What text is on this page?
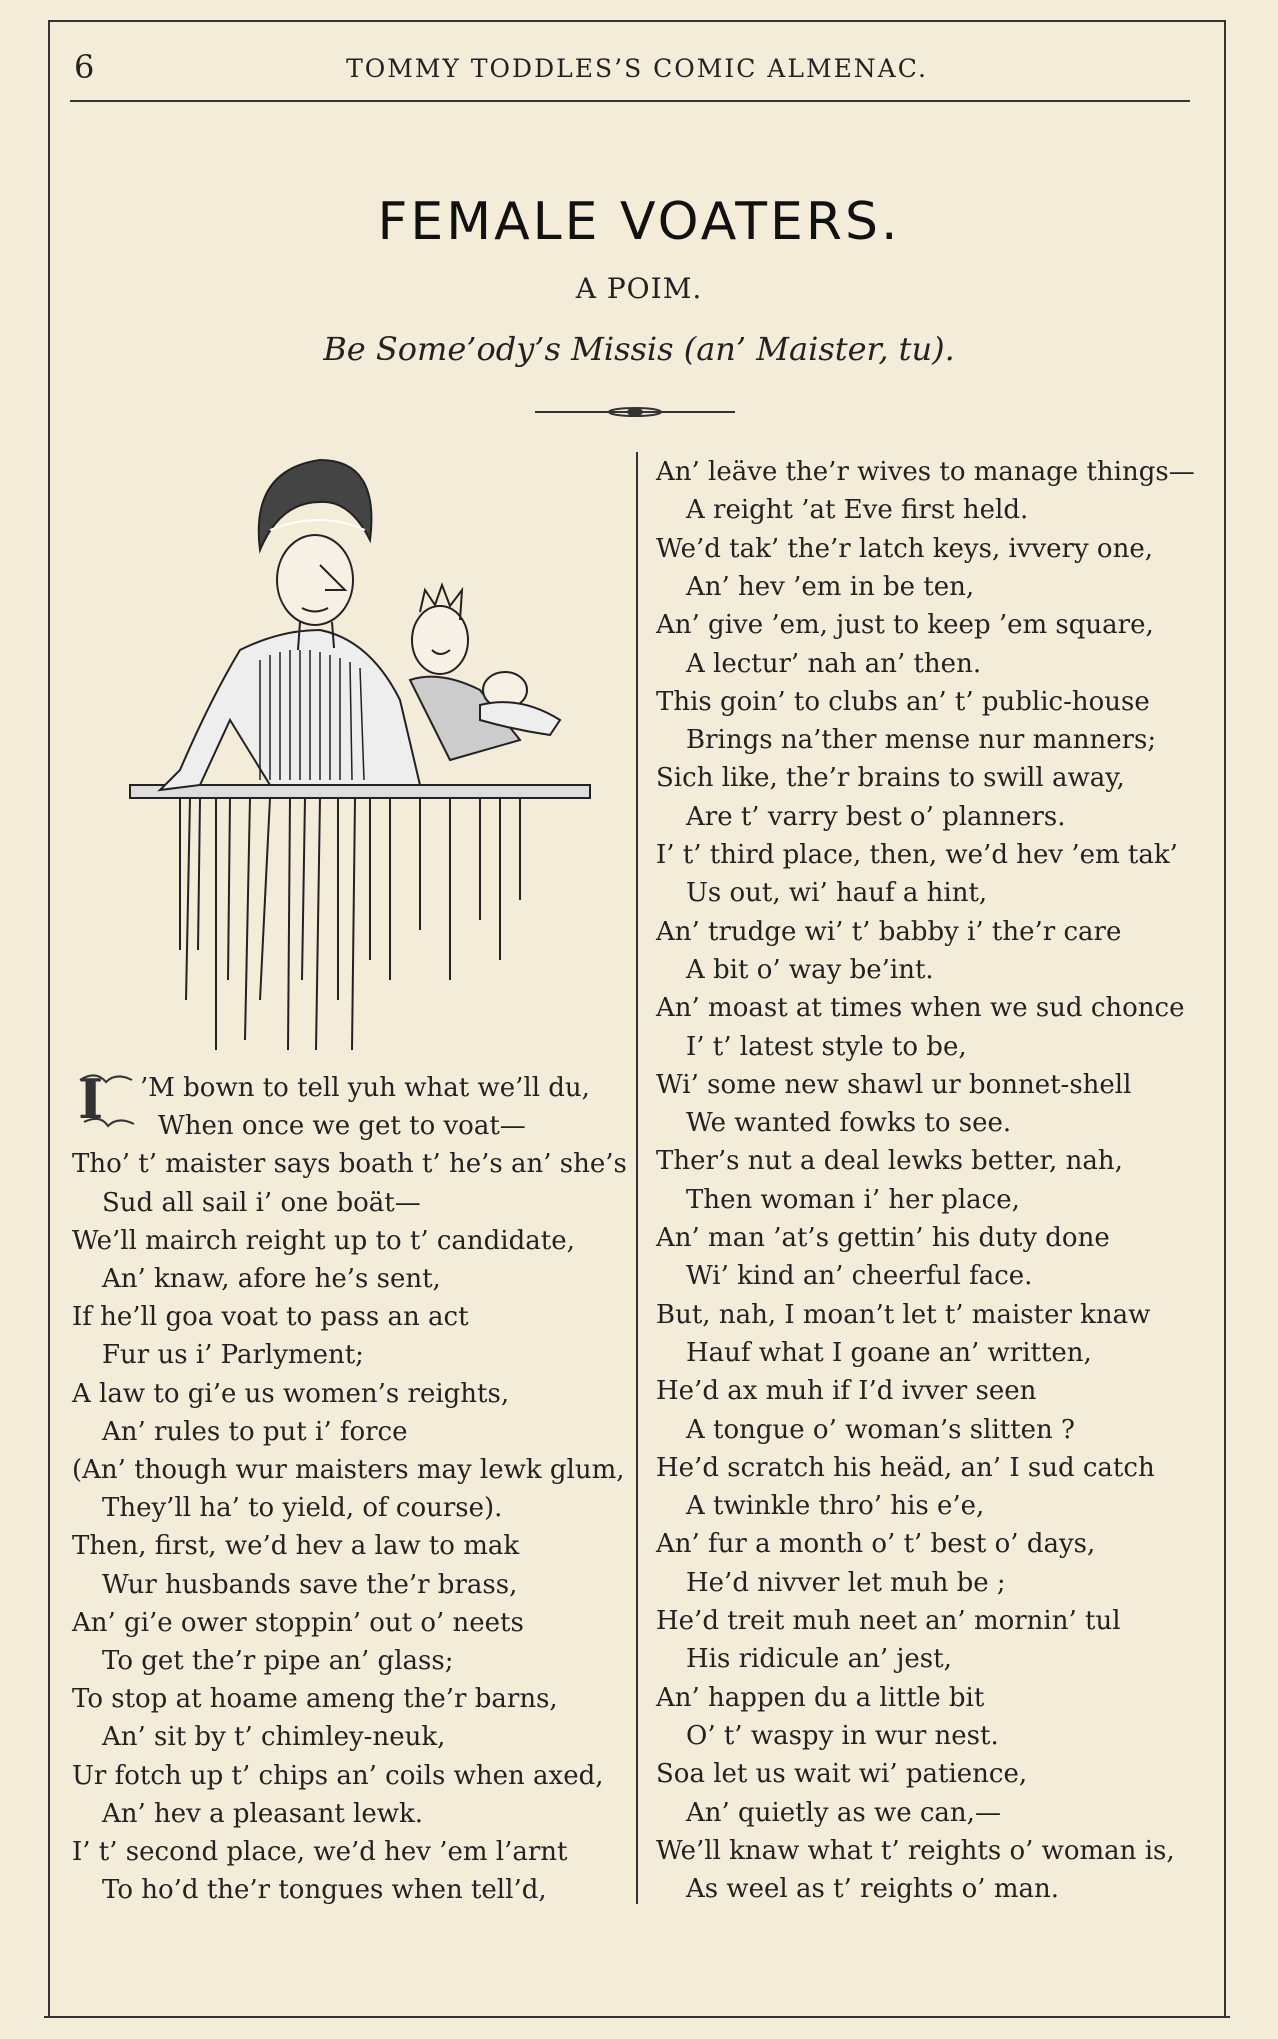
6	TOMMY TODDLES’S COMIC ALMENAC.
FEMALE VOATERS.
A POIM.
Be Some’ody’s Missis (an’ Maister, tu).
I ’M bown to tell yuh what we’ll du,
When once we get to voat—
Tho’ t’ maister says boath t’ he’s an’ she’s
Sud all sail i’ one boät—
We’ll mairch reight up to t’ candidate,
An’ knaw, afore he’s sent,
If he’ll goa voat to pass an act
Fur us i’ Parlyment;
A law to gi’e us women’s reights,
An’ rules to put i’ force
(An’ though wur maisters may lewk glum,
They’ll ha’ to yield, of course).
Then, first, we’d hev a law to mak
Wur husbands save the’r brass,
An’ gi’e ower stoppin’ out o’ neets
To get the’r pipe an’ glass;
To stop at hoame ameng the’r barns,
An’ sit by t’ chimley-neuk,
Ur fotch up t’ chips an’ coils when axed,
An’ hev a pleasant lewk.
I’ t’ second place, we’d hev ’em l’arnt
To ho’d the’r tongues when tell’d,
An’ leäve the’r wives to manage things—
A reight ’at Eve first held.
We’d tak’ the’r latch keys, ivvery one,
An’ hev ’em in be ten,
An’ give ’em, just to keep ’em square,
A lectur’ nah an’ then.
This goin’ to clubs an’ t’ public-house
Brings na’ther mense nur manners;
Sich like, the’r brains to swill away,
Are t’ varry best o’ planners.
I’ t’ third place, then, we’d hev ’em tak’
Us out, wi’ hauf a hint,
An’ trudge wi’ t’ babby i’ the’r care
A bit o’ way be’int.
An’ moast at times when we sud chonce
I’ t’ latest style to be,
Wi’ some new shawl ur bonnet-shell
We wanted fowks to see.
Ther’s nut a deal lewks better, nah,
Then woman i’ her place,
An’ man ’at’s gettin’ his duty done
Wi’ kind an’ cheerful face.
But, nah, I moan’t let t’ maister knaw
Hauf what I goane an’ written,
He’d ax muh if I’d ivver seen
A tongue o’ woman’s slitten ?
He’d scratch his heäd, an’ I sud catch
A twinkle thro’ his e’e,
An’ fur a month o’ t’ best o’ days,
He’d nivver let muh be ;
He’d treit muh neet an’ mornin’ tul
His ridicule an’ jest,
An’ happen du a little bit
O’ t’ waspy in wur nest.
Soa let us wait wi’ patience,
An’ quietly as we can,—
We’ll knaw what t’ reights o’ woman is,
As weel as t’ reights o’ man.
